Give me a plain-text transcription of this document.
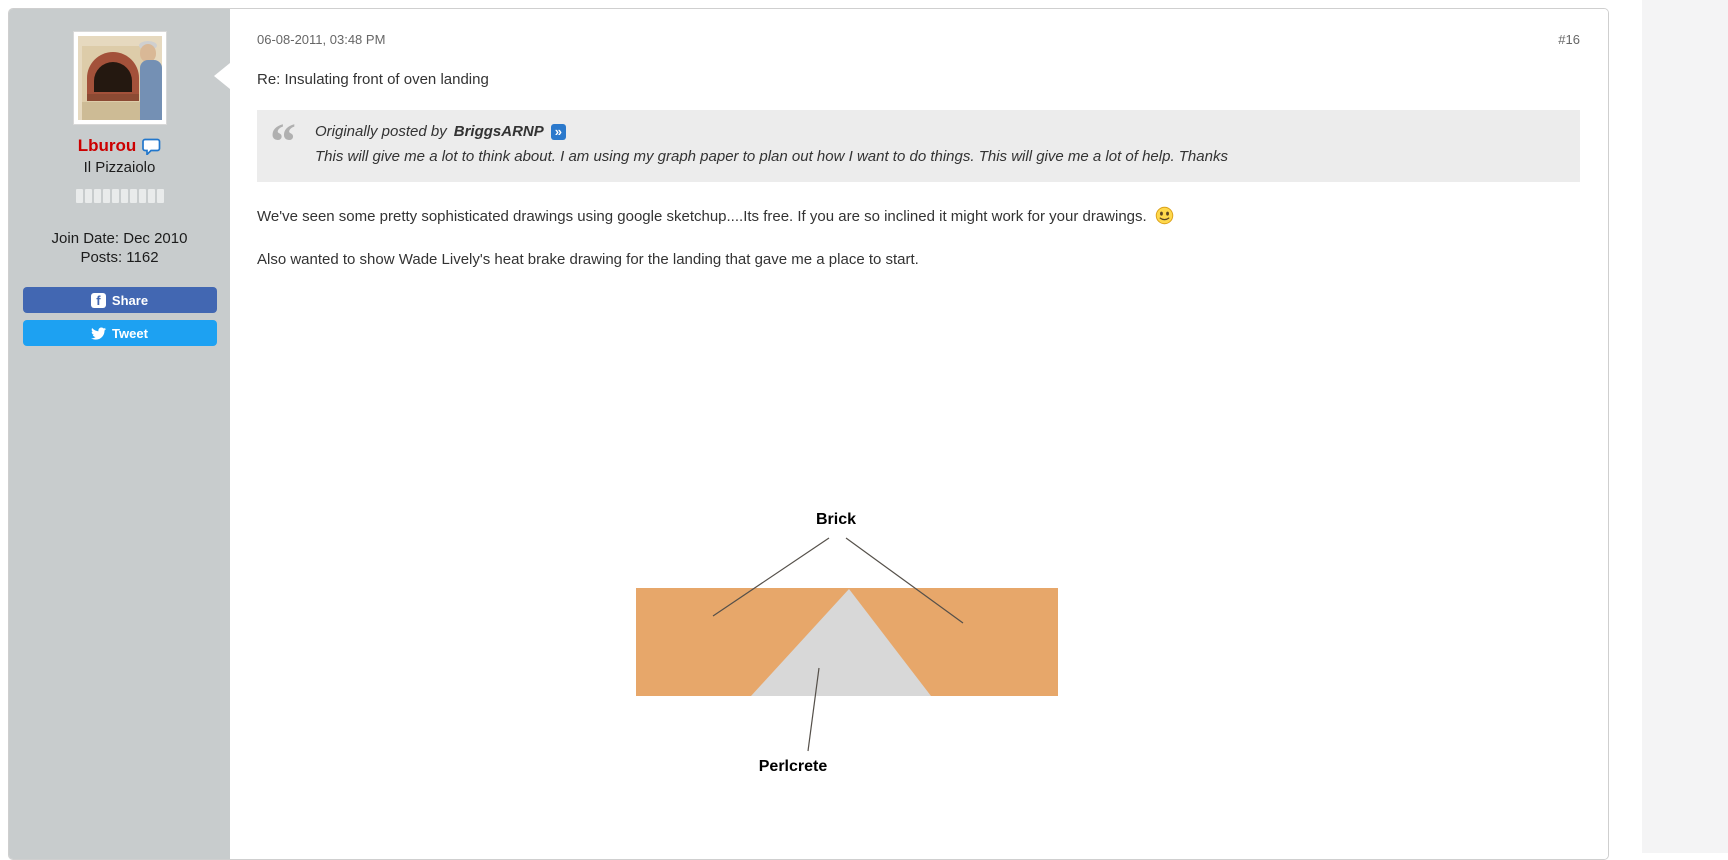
Lburou
Il Pizzaiolo
Join Date: Dec 2010
Posts: 1162
f Share
Tweet
06-08-2011, 03:48 PM	#16
Re: Insulating front of oven landing
“ Originally posted by BriggsARNP »
This will give me a lot to think about. I am using my graph paper to plan out how I want to do things. This will give me a lot of help. Thanks
We've seen some pretty sophisticated drawings using google sketchup....Its free. If you are so inclined it might work for your drawings.
Also wanted to show Wade Lively's heat brake drawing for the landing that gave me a place to start.
Brick
Perlcrete
